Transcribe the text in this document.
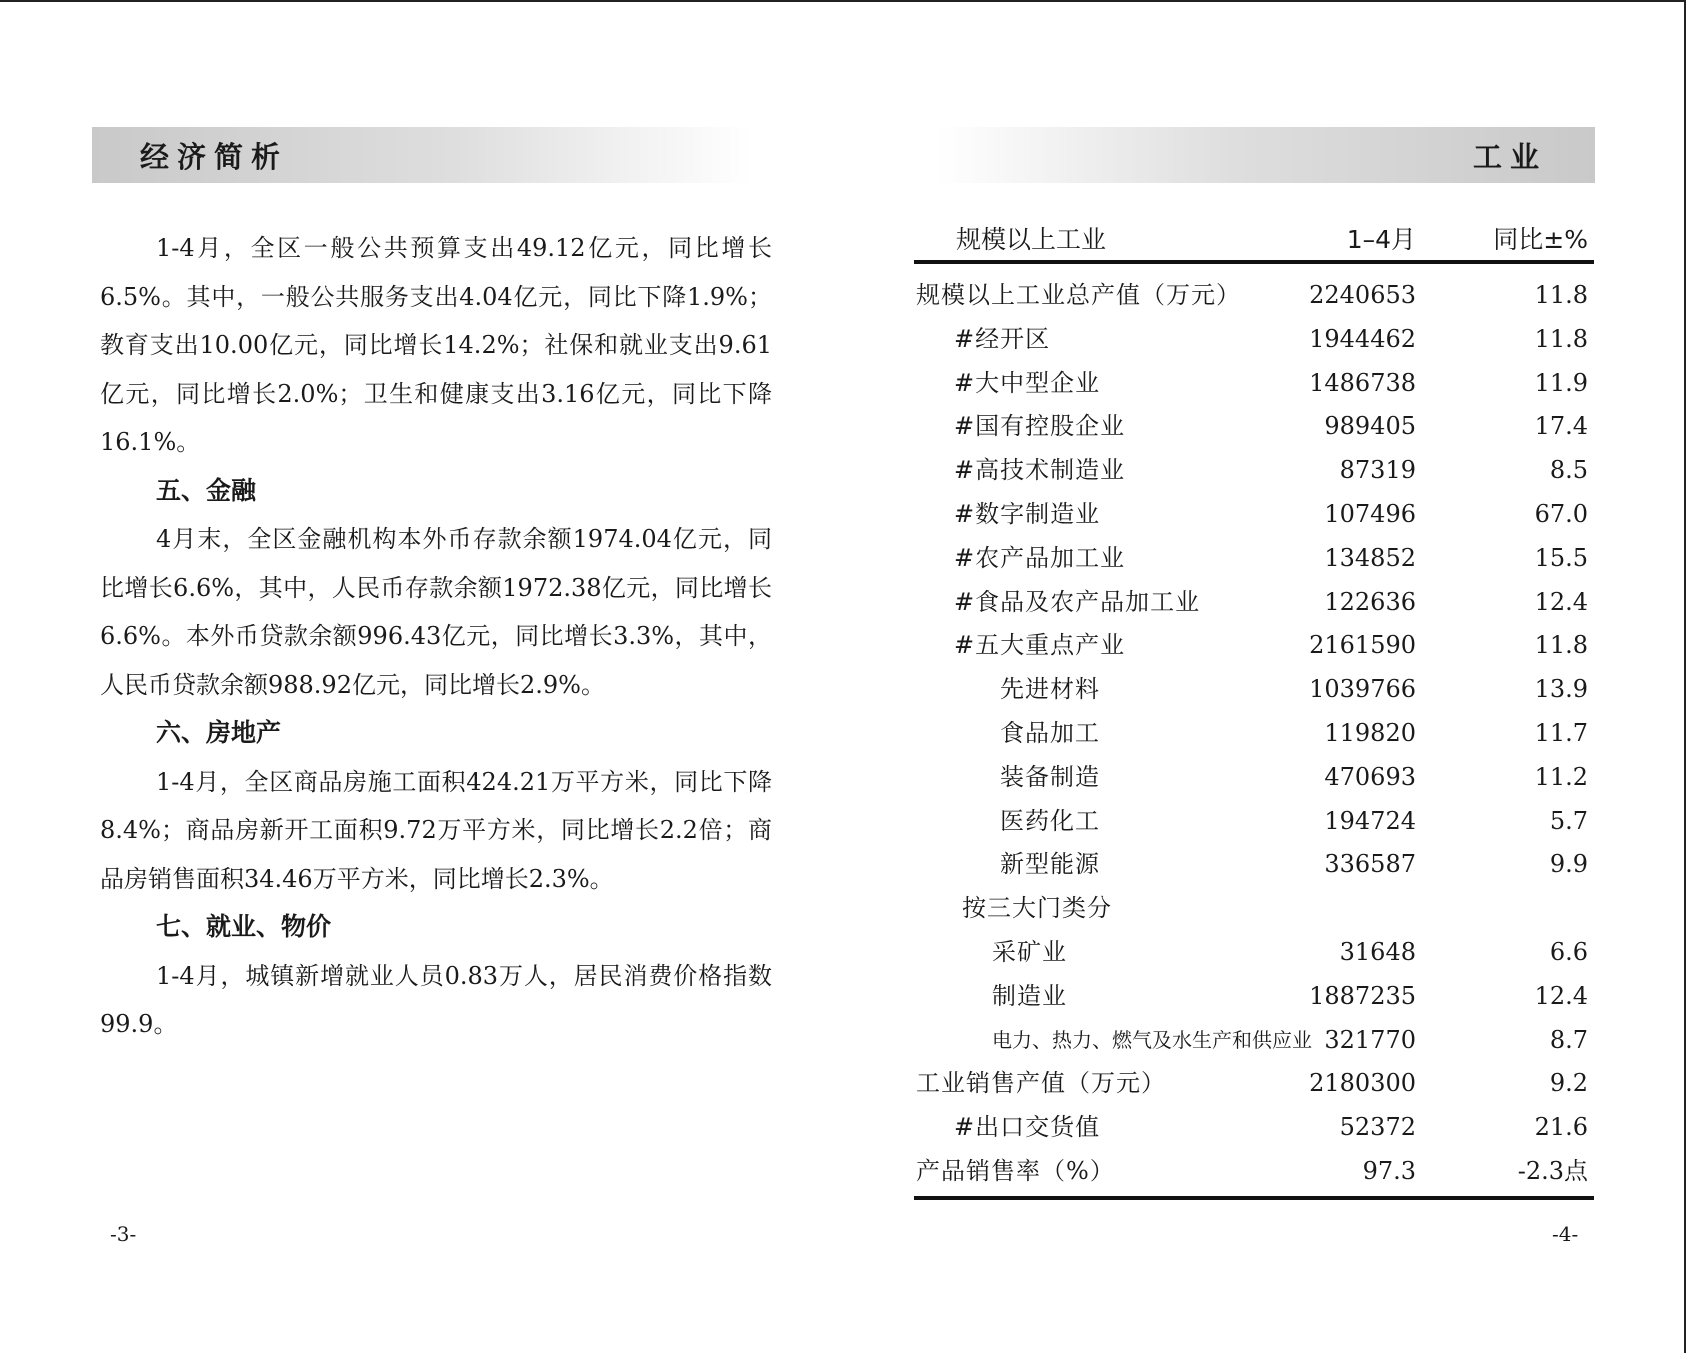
经济简析	工业

1-4月，全区一般公共预算支出49.12亿元，同比增长6.5%。其中，一般公共服务支出4.04亿元，同比下降1.9%；教育支出10.00亿元，同比增长14.2%；社保和就业支出9.61亿元，同比增长2.0%；卫生和健康支出3.16亿元，同比下降16.1%。

五、金融

4月末，全区金融机构本外币存款余额1974.04亿元，同比增长6.6%，其中，人民币存款余额1972.38亿元，同比增长6.6%。本外币贷款余额996.43亿元，同比增长3.3%，其中，人民币贷款余额988.92亿元，同比增长2.9%。

六、房地产

1-4月，全区商品房施工面积424.21万平方米，同比下降8.4%；商品房新开工面积9.72万平方米，同比增长2.2倍；商品房销售面积34.46万平方米，同比增长2.3%。

七、就业、物价

1-4月，城镇新增就业人员0.83万人，居民消费价格指数99.9。

规模以上工业	1–4月	同比±%
规模以上工业总产值（万元）	2240653	11.8
#经开区	1944462	11.8
#大中型企业	1486738	11.9
#国有控股企业	989405	17.4
#高技术制造业	87319	8.5
#数字制造业	107496	67.0
#农产品加工业	134852	15.5
#食品及农产品加工业	122636	12.4
#五大重点产业	2161590	11.8
先进材料	1039766	13.9
食品加工	119820	11.7
装备制造	470693	11.2
医药化工	194724	5.7
新型能源	336587	9.9
按三大门类分
采矿业	31648	6.6
制造业	1887235	12.4
电力、热力、燃气及水生产和供应业 321770	8.7
工业销售产值（万元）	2180300	9.2
#出口交货值	52372	21.6
产品销售率（%）	97.3	-2.3点
-3-	-4-
